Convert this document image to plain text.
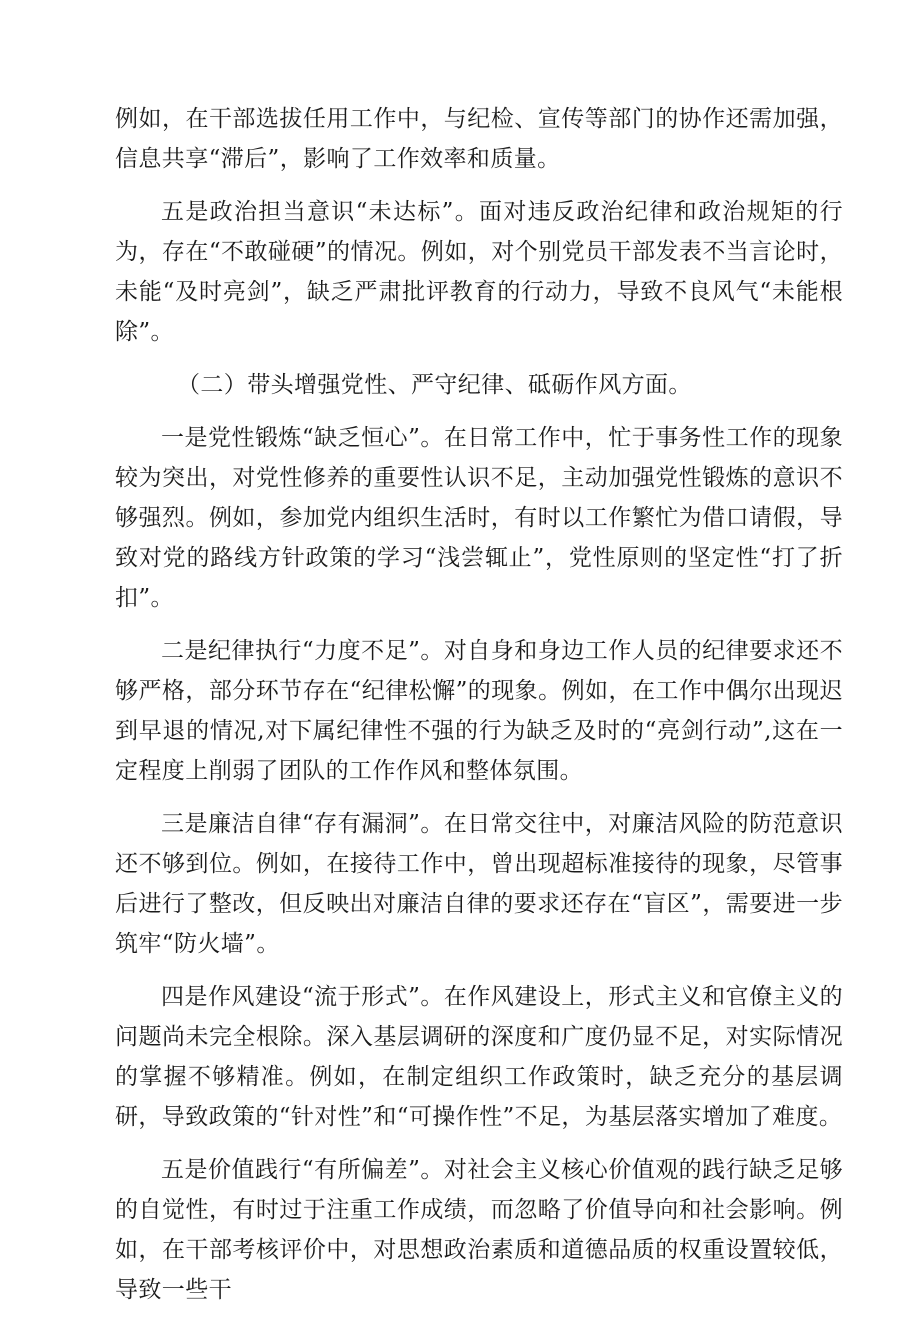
例如，在干部选拔任用工作中，与纪检、宣传等部门的协作还需加强，信息共享“滞后”，影响了工作效率和质量。

五是政治担当意识“未达标”。面对违反政治纪律和政治规矩的行为，存在“不敢碰硬”的情况。例如，对个别党员干部发表不当言论时，未能“及时亮剑”，缺乏严肃批评教育的行动力，导致不良风气“未能根除”。

（二）带头增强党性、严守纪律、砥砺作风方面。

一是党性锻炼“缺乏恒心”。在日常工作中，忙于事务性工作的现象较为突出，对党性修养的重要性认识不足，主动加强党性锻炼的意识不够强烈。例如，参加党内组织生活时，有时以工作繁忙为借口请假，导致对党的路线方针政策的学习“浅尝辄止”，党性原则的坚定性“打了折扣”。

二是纪律执行“力度不足”。对自身和身边工作人员的纪律要求还不够严格，部分环节存在“纪律松懈”的现象。例如，在工作中偶尔出现迟到早退的情况,对下属纪律性不强的行为缺乏及时的“亮剑行动”,这在一定程度上削弱了团队的工作作风和整体氛围。

三是廉洁自律“存有漏洞”。在日常交往中，对廉洁风险的防范意识还不够到位。例如，在接待工作中，曾出现超标准接待的现象，尽管事后进行了整改，但反映出对廉洁自律的要求还存在“盲区”，需要进一步筑牢“防火墙”。

四是作风建设“流于形式”。在作风建设上，形式主义和官僚主义的问题尚未完全根除。深入基层调研的深度和广度仍显不足，对实际情况的掌握不够精准。例如，在制定组织工作政策时，缺乏充分的基层调研，导致政策的“针对性”和“可操作性”不足，为基层落实增加了难度。

五是价值践行“有所偏差”。对社会主义核心价值观的践行缺乏足够的自觉性，有时过于注重工作成绩，而忽略了价值导向和社会影响。例如，在干部考核评价中，对思想政治素质和道德品质的权重设置较低，导致一些干
